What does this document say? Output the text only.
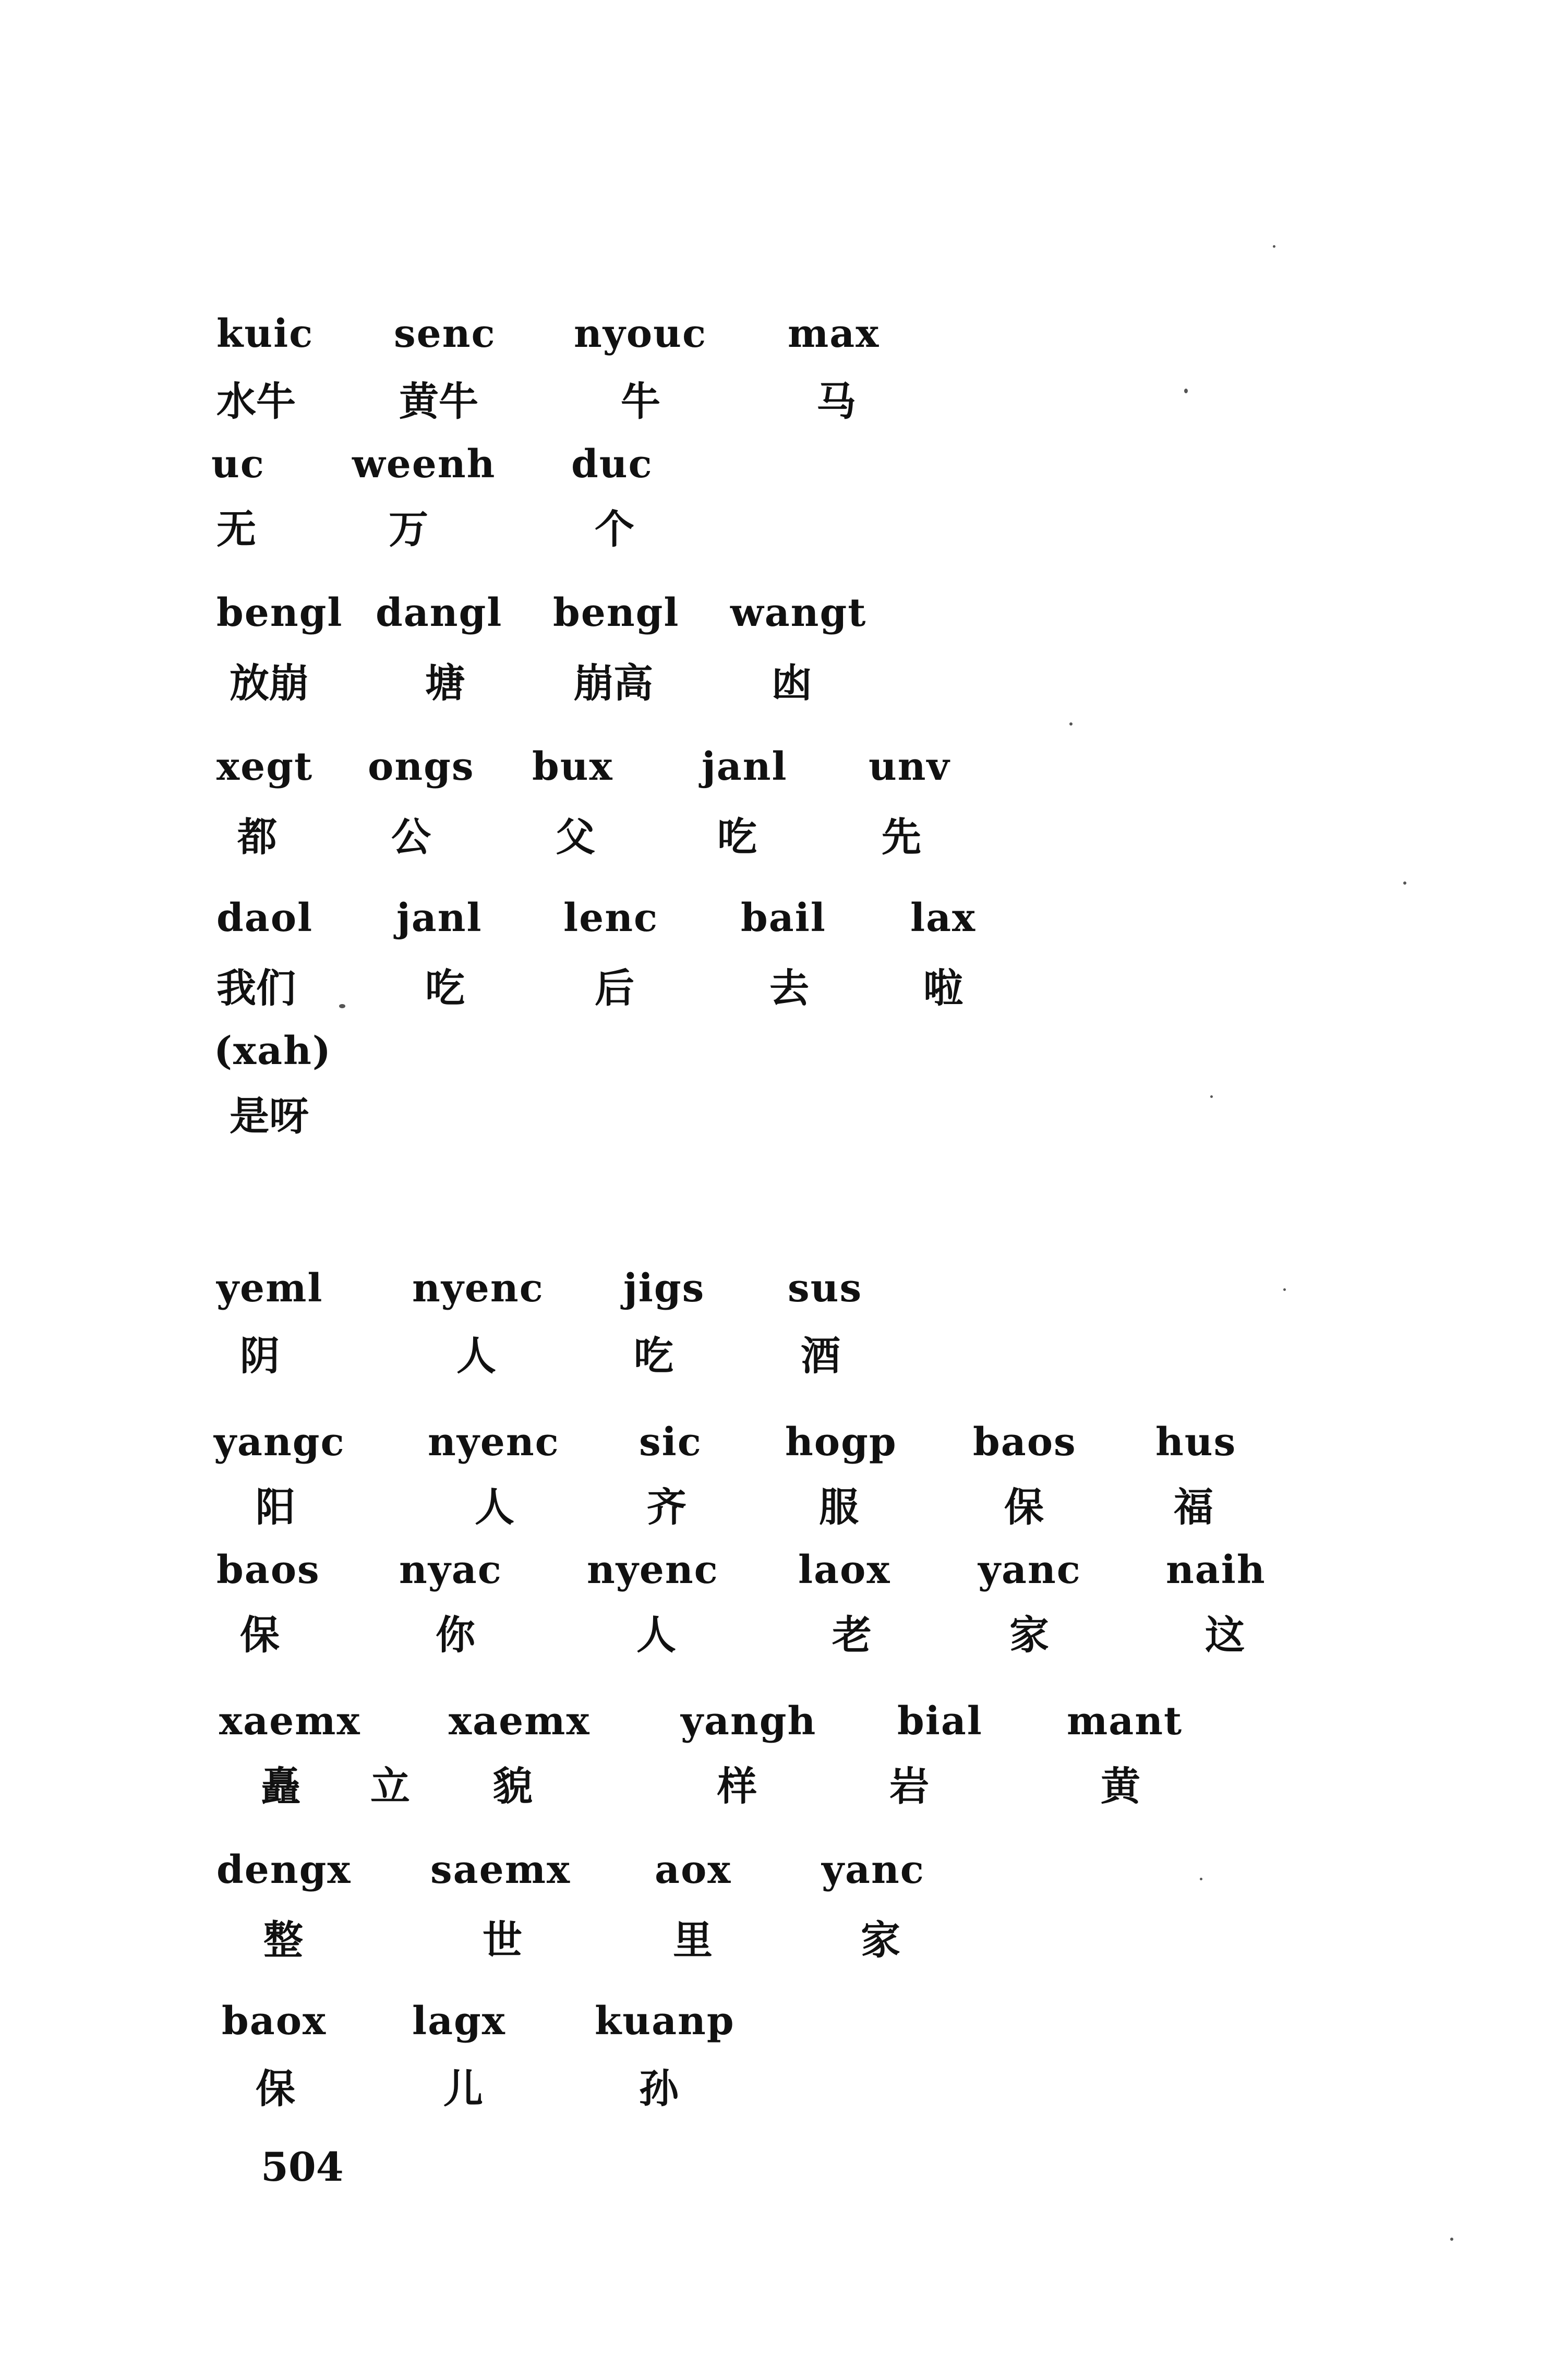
kuic senc nyouc max
水牛	黄牛	牛	马
uc weenh duc
无	万	个
bengl dangl bengl wangt
放崩	塘	崩高	凼
xegt ongs bux janl unv
都	公	父	吃	先
daol janl lenc bail lax
我们	吃	后	去	啦
(xah)
是呀
yeml nyenc jigs sus
阴	人	吃	酒
yangc nyenc sic hogp baos hus
阳	人	齐	服	保	福
baos nyac nyenc laox yanc naih
保	你	人	老	家	这
xaemx xaemx yangh bial mant
矗 立 貌	样	岩	黄
dengx saemx aox yanc
整	世	里	家
baox lagx kuanp
保	儿	孙
504
